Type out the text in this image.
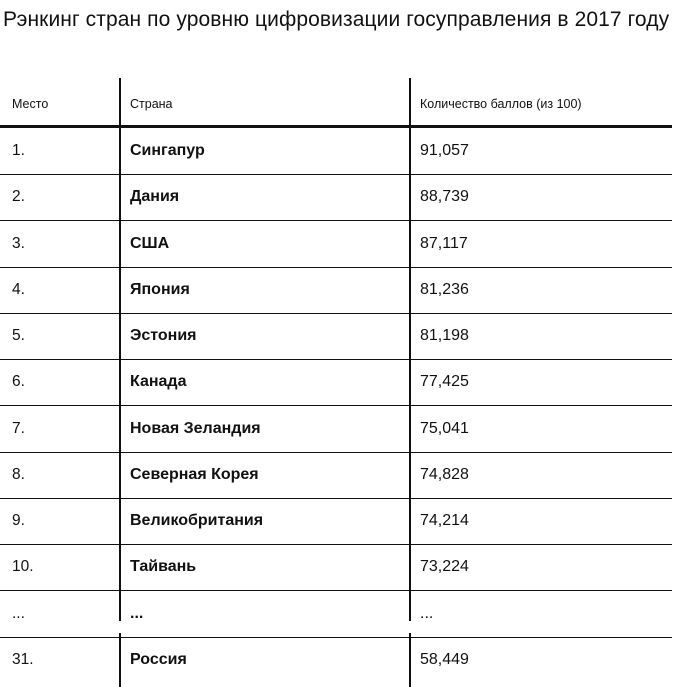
Рэнкинг стран по уровню цифровизации госуправления в 2017 году
Место	Страна	Количество баллов (из 100)
1.	Сингапур	91,057
2.	Дания	88,739
3.	США	87,117
4.	Япония	81,236
5.	Эстония	81,198
6.	Канада	77,425
7.	Новая Зеландия	75,041
8.	Северная Корея	74,828
9.	Великобритания	74,214
10.	Тайвань	73,224
...	...	...
31.	Россия	58,449
